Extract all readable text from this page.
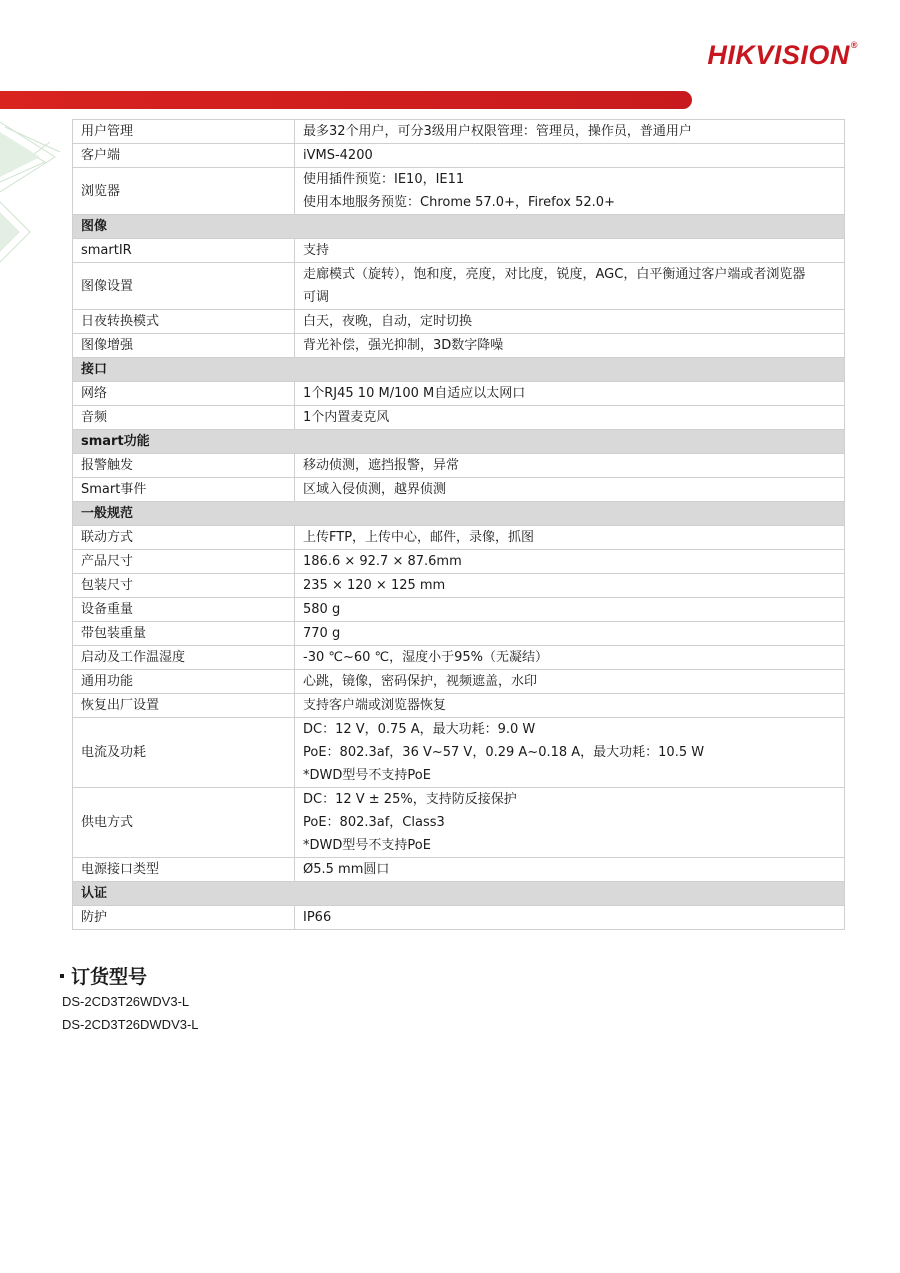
HIKVISION®
用户管理	最多32个用户，可分3级用户权限管理：管理员，操作员，普通用户

客户端	iVMS-4200

浏览器	使用插件预览：IE10，IE11
使用本地服务预览：Chrome 57.0+，Firefox 52.0+

图像	
smartIR	支持

图像设置	走廊模式（旋转），饱和度，亮度，对比度，锐度，AGC，白平衡通过客户端或者浏览器
可调

日夜转换模式	白天，夜晚，自动，定时切换

图像增强	背光补偿，强光抑制，3D数字降噪

接口	
网络	1个RJ45 10 M/100 M自适应以太网口

音频	1个内置麦克风

smart功能	
报警触发	移动侦测，遮挡报警，异常

Smart事件	区域入侵侦测，越界侦测

一般规范	
联动方式	上传FTP，上传中心，邮件，录像，抓图

产品尺寸	186.6 × 92.7 × 87.6mm

包装尺寸	235 × 120 × 125 mm

设备重量	580 g

带包装重量	770 g

启动及工作温湿度	-30 ℃~60 ℃，湿度小于95%（无凝结）

通用功能	心跳，镜像，密码保护，视频遮盖，水印

恢复出厂设置	支持客户端或浏览器恢复

电流及功耗	DC：12 V，0.75 A，最大功耗：9.0 W
PoE：802.3af，36 V~57 V，0.29 A~0.18 A，最大功耗：10.5 W
*DWD型号不支持PoE

供电方式	DC：12 V ± 25%，支持防反接保护
PoE：802.3af，Class3
*DWD型号不支持PoE

电源接口类型	Ø5.5 mm圆口

认证	
防护	IP66
订货型号
DS-2CD3T26WDV3-L
DS-2CD3T26DWDV3-L
